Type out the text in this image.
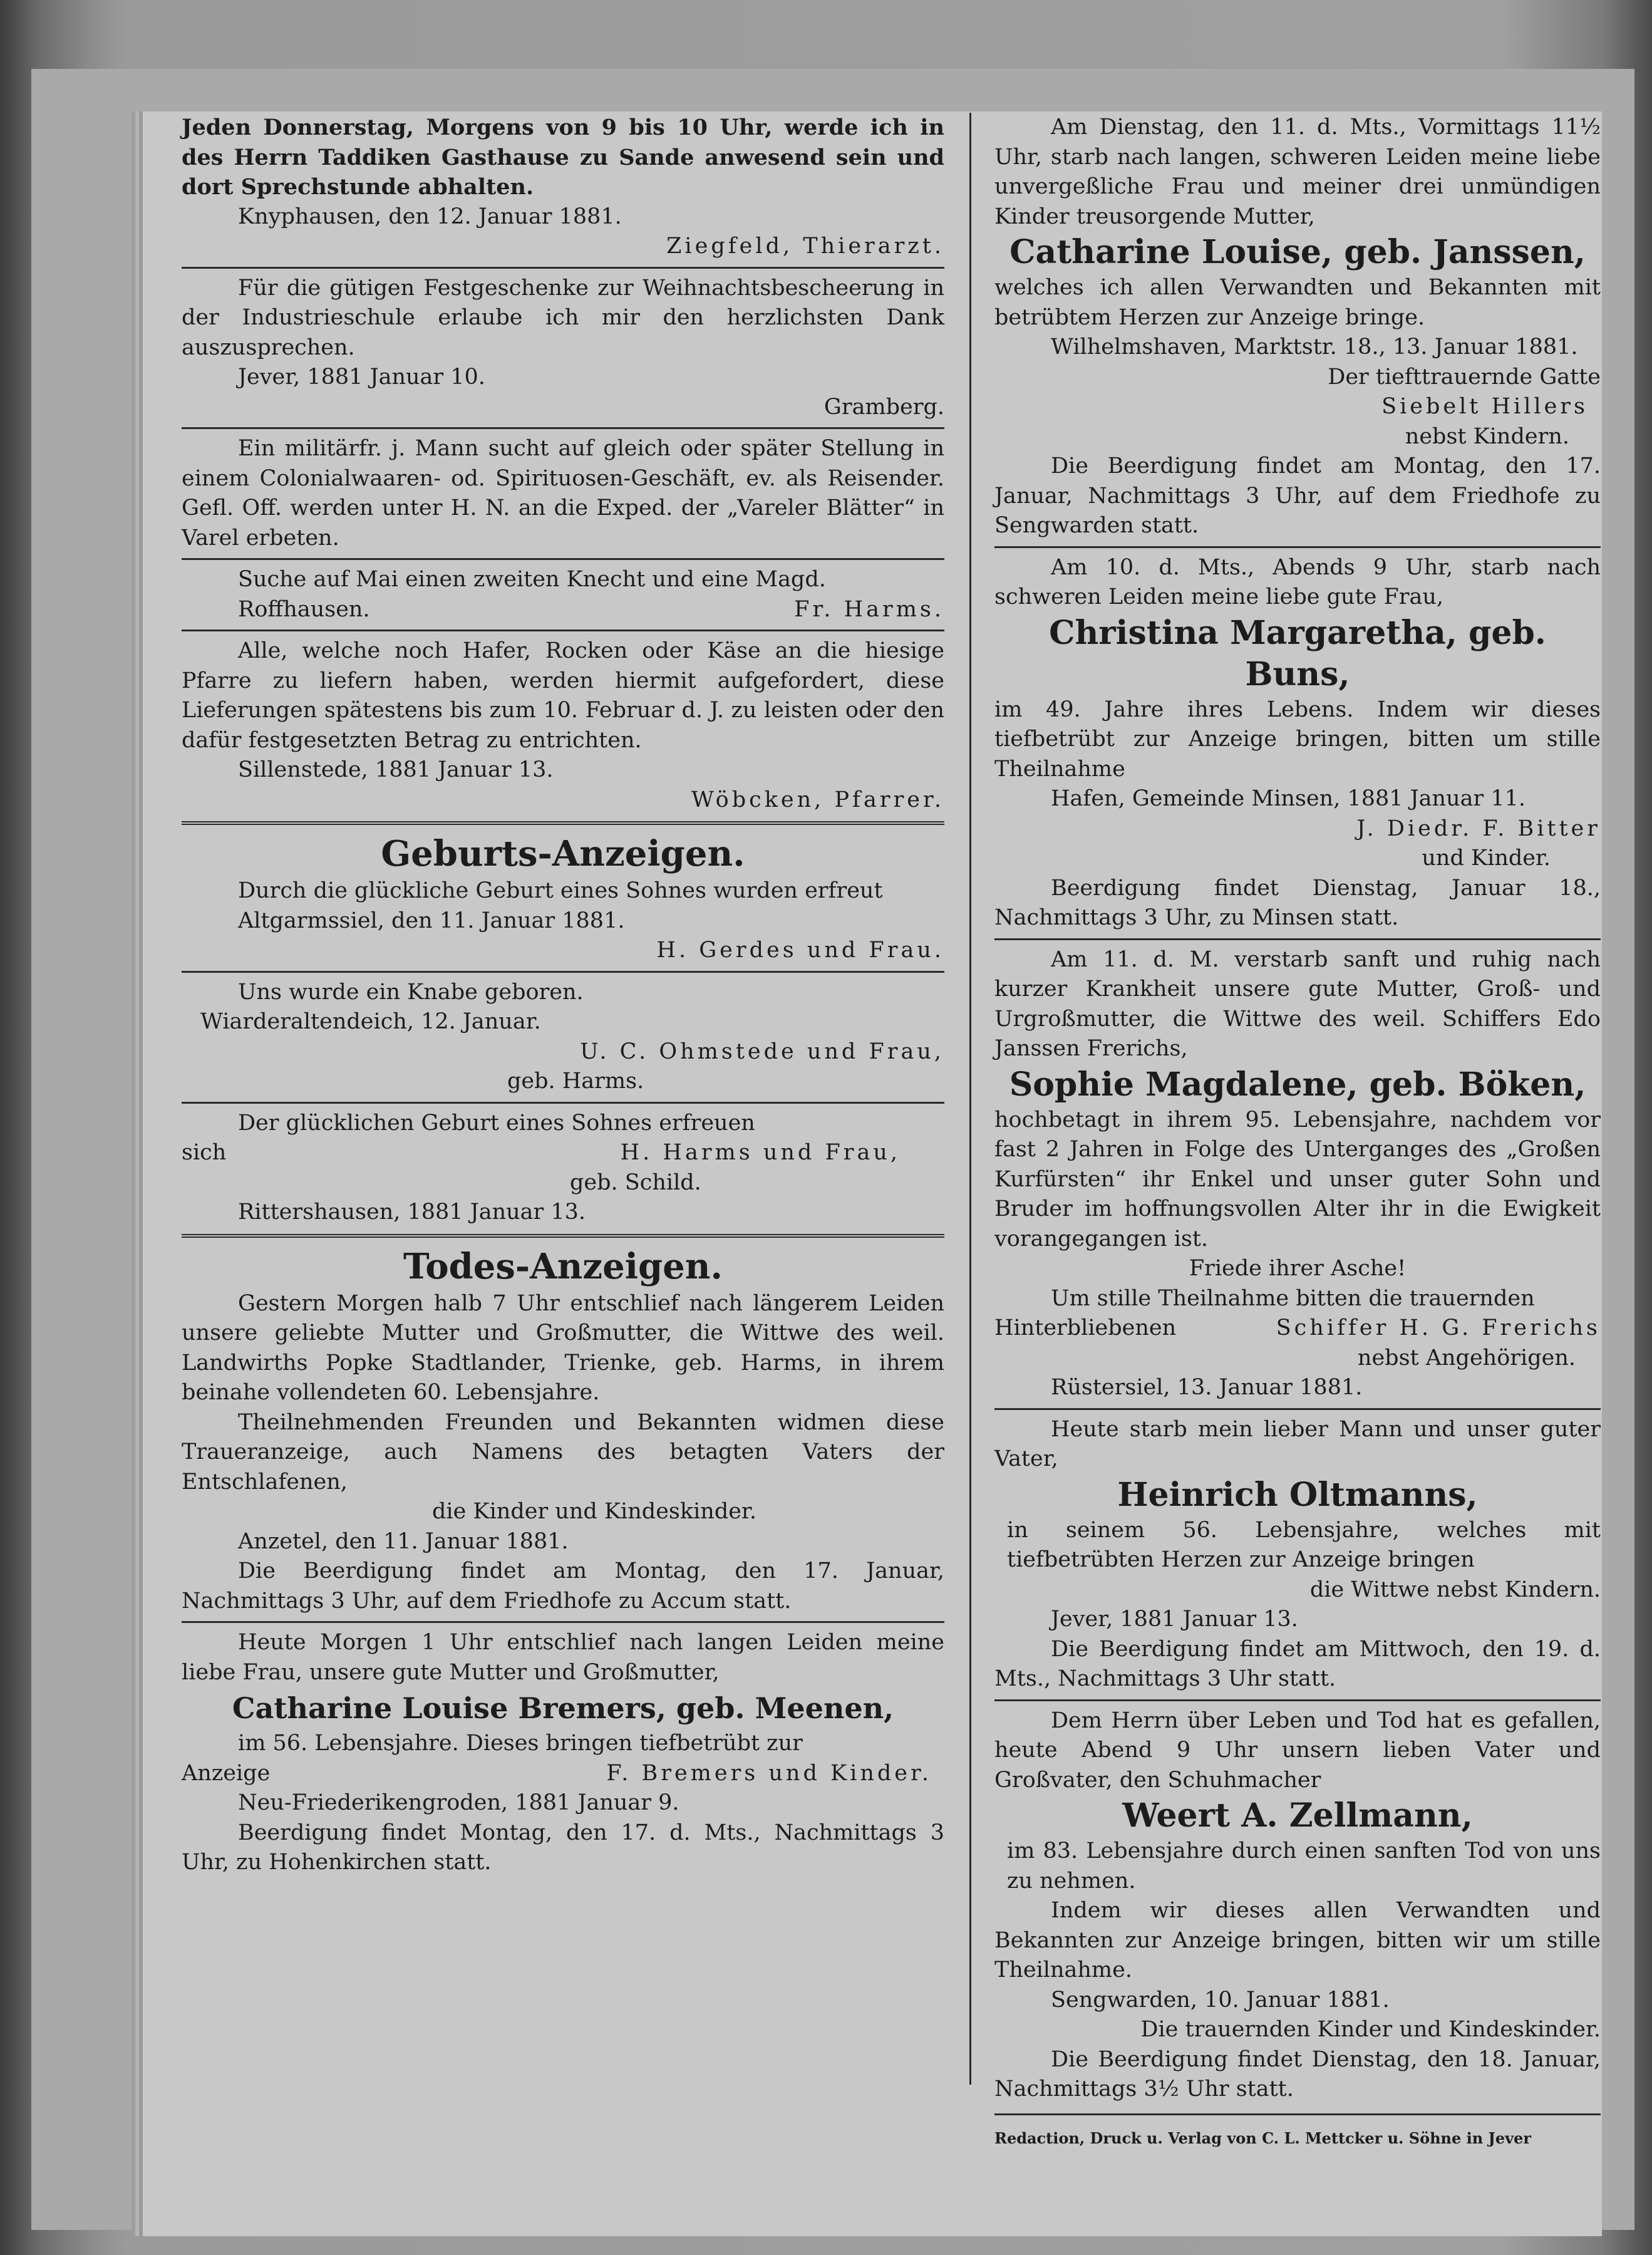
Jeden Donnerstag, Morgens von 9 bis 10 Uhr, werde ich in des Herrn Taddiken Gasthause zu Sande anwesend sein und dort Sprechstunde abhalten.

Knyphausen, den 12. Januar 1881.

Ziegfeld, Thierarzt.

Für die gütigen Festgeschenke zur Weihnachtsbescheerung in der Industrieschule erlaube ich mir den herzlichsten Dank auszusprechen.

Jever, 1881 Januar 10.

Gramberg.

Ein militärfr. j. Mann sucht auf gleich oder später Stellung in einem Colonialwaaren- od. Spirituosen-Geschäft, ev. als Reisender. Gefl. Off. werden unter H. N. an die Exped. der „Vareler Blätter“ in Varel erbeten.

Suche auf Mai einen zweiten Knecht und eine Magd.

Roffhausen.	Fr. Harms.

Alle, welche noch Hafer, Rocken oder Käse an die hiesige Pfarre zu liefern haben, werden hiermit aufgefordert, diese Lieferungen spätestens bis zum 10. Februar d. J. zu leisten oder den dafür festgesetzten Betrag zu entrichten.

Sillenstede, 1881 Januar 13.

Wöbcken, Pfarrer.

Geburts-Anzeigen.

Durch die glückliche Geburt eines Sohnes wurden erfreut

Altgarmssiel, den 11. Januar 1881.

H. Gerdes und Frau.

Uns wurde ein Knabe geboren.

Wiarderaltendeich, 12. Januar.

U. C. Ohmstede und Frau,

geb. Harms.

Der glücklichen Geburt eines Sohnes erfreuen

sich	H. Harms und Frau,

geb. Schild.

Rittershausen, 1881 Januar 13.

Todes-Anzeigen.

Gestern Morgen halb 7 Uhr entschlief nach längerem Leiden unsere geliebte Mutter und Großmutter, die Wittwe des weil. Landwirths Popke Stadtlander, Trienke, geb. Harms, in ihrem beinahe vollendeten 60. Lebensjahre.

Theilnehmenden Freunden und Bekannten widmen diese Traueranzeige, auch Namens des betagten Vaters der Entschlafenen,

die Kinder und Kindeskinder.

Anzetel, den 11. Januar 1881.

Die Beerdigung findet am Montag, den 17. Januar, Nachmittags 3 Uhr, auf dem Friedhofe zu Accum statt.

Heute Morgen 1 Uhr entschlief nach langen Leiden meine liebe Frau, unsere gute Mutter und Großmutter,

Catharine Louise Bremers, geb. Meenen,

im 56. Lebensjahre. Dieses bringen tiefbetrübt zur

Anzeige	F. Bremers und Kinder.

Neu-Friederikengroden, 1881 Januar 9.

Beerdigung findet Montag, den 17. d. Mts., Nachmittags 3 Uhr, zu Hohenkirchen statt.

Am Dienstag, den 11. d. Mts., Vormittags 11½ Uhr, starb nach langen, schweren Leiden meine liebe unvergeßliche Frau und meiner drei unmündigen Kinder treusorgende Mutter,

Catharine Louise, geb. Janssen,

welches ich allen Verwandten und Bekannten mit betrübtem Herzen zur Anzeige bringe.

Wilhelmshaven, Marktstr. 18., 13. Januar 1881.

Der tiefttrauernde Gatte

Siebelt Hillers

nebst Kindern.

Die Beerdigung findet am Montag, den 17. Januar, Nachmittags 3 Uhr, auf dem Friedhofe zu Sengwarden statt.

Am 10. d. Mts., Abends 9 Uhr, starb nach schweren Leiden meine liebe gute Frau,

Christina Margaretha, geb. Buns,

im 49. Jahre ihres Lebens. Indem wir dieses tiefbetrübt zur Anzeige bringen, bitten um stille Theilnahme

Hafen, Gemeinde Minsen, 1881 Januar 11.

J. Diedr. F. Bitter

und Kinder.

Beerdigung findet Dienstag, Januar 18., Nachmittags 3 Uhr, zu Minsen statt.

Am 11. d. M. verstarb sanft und ruhig nach kurzer Krankheit unsere gute Mutter, Groß- und Urgroßmutter, die Wittwe des weil. Schiffers Edo Janssen Frerichs,

Sophie Magdalene, geb. Böken,

hochbetagt in ihrem 95. Lebensjahre, nachdem vor fast 2 Jahren in Folge des Unterganges des „Großen Kurfürsten“ ihr Enkel und unser guter Sohn und Bruder im hoffnungsvollen Alter ihr in die Ewigkeit vorangegangen ist.

Friede ihrer Asche!

Um stille Theilnahme bitten die trauernden

Hinterbliebenen	Schiffer H. G. Frerichs

nebst Angehörigen.

Rüstersiel, 13. Januar 1881.

Heute starb mein lieber Mann und unser guter Vater,

Heinrich Oltmanns,

in seinem 56. Lebensjahre, welches mit tiefbetrübten Herzen zur Anzeige bringen

die Wittwe nebst Kindern.

Jever, 1881 Januar 13.

Die Beerdigung findet am Mittwoch, den 19. d. Mts., Nachmittags 3 Uhr statt.

Dem Herrn über Leben und Tod hat es gefallen, heute Abend 9 Uhr unsern lieben Vater und Großvater, den Schuhmacher

Weert A. Zellmann,

im 83. Lebensjahre durch einen sanften Tod von uns zu nehmen.

Indem wir dieses allen Verwandten und Bekannten zur Anzeige bringen, bitten wir um stille Theilnahme.

Sengwarden, 10. Januar 1881.

Die trauernden Kinder und Kindeskinder.

Die Beerdigung findet Dienstag, den 18. Januar, Nachmittags 3½ Uhr statt.

Redaction, Druck u. Verlag von C. L. Mettcker u. Söhne in Jever
